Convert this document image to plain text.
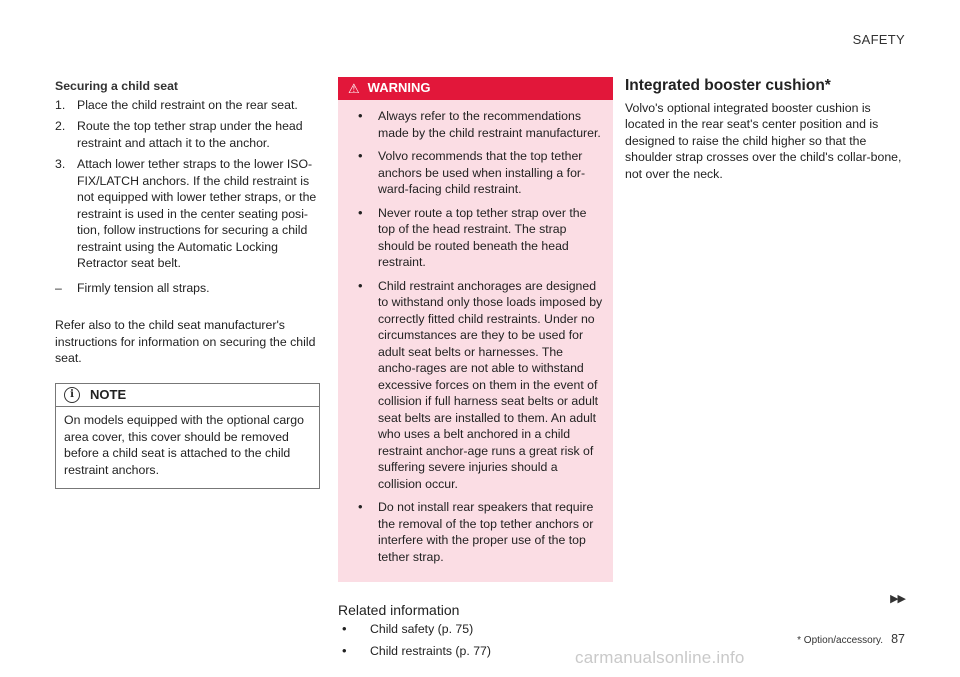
SAFETY
Securing a child seat
1. Place the child restraint on the rear seat.
2. Route the top tether strap under the head restraint and attach it to the anchor.
3. Attach lower tether straps to the lower ISO-FIX/LATCH anchors. If the child restraint is not equipped with lower tether straps, or the restraint is used in the center seating posi-tion, follow instructions for securing a child restraint using the Automatic Locking Retractor seat belt.
– Firmly tension all straps.

Refer also to the child seat manufacturer's instructions for information on securing the child seat.

i	NOTE
On models equipped with the optional cargo area cover, this cover should be removed before a child seat is attached to the child restraint anchors.
⚠ WARNING
• Always refer to the recommendations made by the child restraint manufacturer.
• Volvo recommends that the top tether anchors be used when installing a for-ward-facing child restraint.
• Never route a top tether strap over the top of the head restraint. The strap should be routed beneath the head restraint.
• Child restraint anchorages are designed to withstand only those loads imposed by correctly fitted child restraints. Under no circumstances are they to be used for adult seat belts or harnesses. The ancho-rages are not able to withstand excessive forces on them in the event of collision if full harness seat belts or adult seat belts are installed to them. An adult who uses a belt anchored in a child restraint anchor-age runs a great risk of suffering severe injuries should a collision occur.
• Do not install rear speakers that require the removal of the top tether anchors or interfere with the proper use of the top tether strap.
Related information
• Child safety (p. 75)
• Child restraints (p. 77)
Integrated booster cushion*

Volvo's optional integrated booster cushion is located in the rear seat's center position and is designed to raise the child higher so that the shoulder strap crosses over the child's collar-bone, not over the neck.

▶▶
* Option/accessory. 87
carmanualsonline.info
